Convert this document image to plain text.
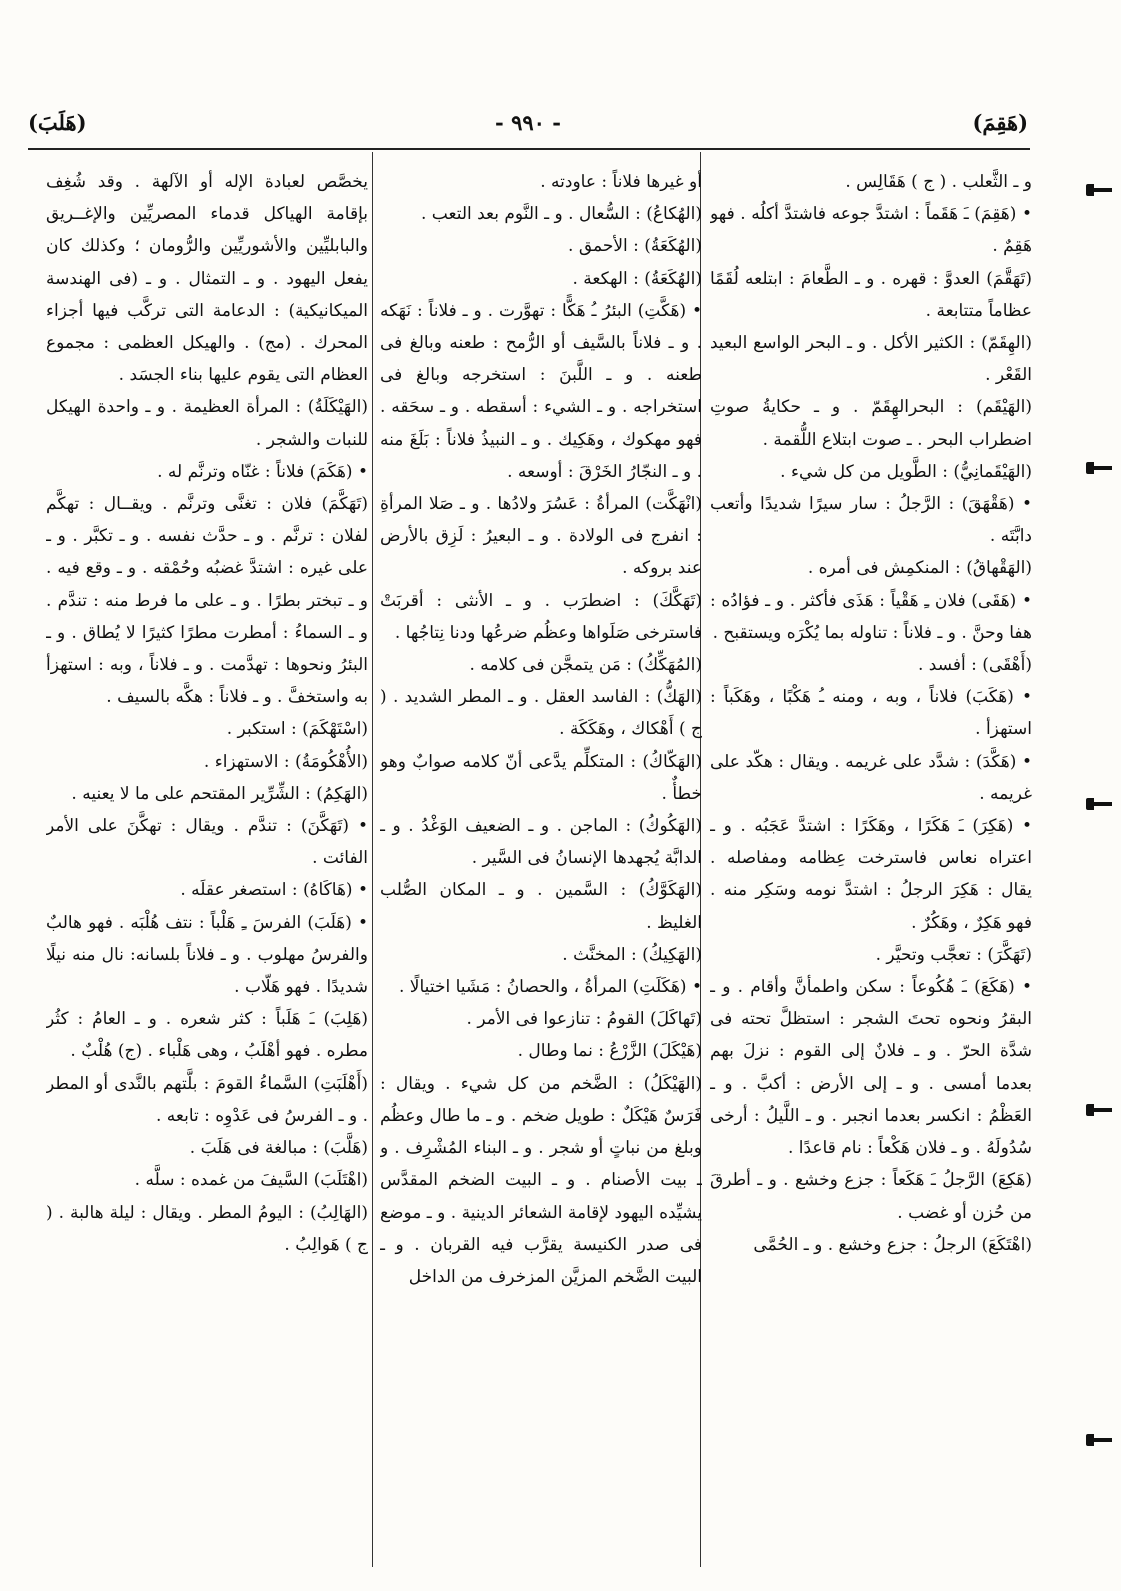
(هَقِمَ)
- ٩٩٠ -
(هَلَبَ)

و ـ الثَّعلب . ( ج ) هَقَالِس .

• (هَقِمَ) ـَ هَقَماً : اشتدَّ جوعه فاشتدَّ أكلُه . فهو هَقِمٌ .

(تَهَقَّمَ) العدوَّ : قهره . و ـ الطَّعامَ : ابتلعه لُقَمًا عظاماً متتابعة .

(الهِقَمّ) : الكثير الأكل . و ـ البحر الواسع البعيد القَعْر .

(الهَيْقَم) : البحرالهِقَمّ . و ـ حكايةُ صوتِ اضطراب البحر . ـ صوت ابتلاع اللُّقمة .

(الهَيْقَمانِيُّ) : الطَّويل من كل شيء .

• (هَقْهَقَ) : الرَّجلُ : سار سيرًا شديدًا وأتعب دابَّتَه .

(الهَقْهاقُ) : المنكمِش فى أمره .

• (هَقَى) فلان ـِ هَقْياً : هَذَى فأكثر . و ـ فؤادُه : هفا وحنَّ . و ـ فلاناً : تناوله بما يُكْرَه ويستقبح .

(أَهْقَى) : أفسد .

• (هَكَبَ) فلاناً ، وبه ، ومنه ـُ هَكْبًا ، وهَكَباً : استهزأ .

• (هَكَّدَ) : شدَّد على غريمه . ويقال : هكّد على غريمه .

• (هَكِرَ) ـَ هَكَرًا ، وهَكَرًا : اشتدَّ عَجَبُه . و ـ اعتراه نعاس فاسترخت عِظامه ومفاصله . يقال : هَكِرَ الرجلُ : اشتدَّ نومه وسَكِر منه . فهو هَكِرٌ ، وهَكُرٌ .

(تَهَكَّرَ) : تعجَّب وتحيَّر .

• (هَكَعَ) ـَ هُكُوعاً : سكن واطمأنَّ وأقام . و ـ البقرُ ونحوه تحتَ الشجر : استظلَّ تحته فى شدَّة الحرّ . و ـ فلانٌ إلى القوم : نزلَ بهم بعدما أمسى . و ـ إلى الأرض : أكبَّ . و ـ العَظْمُ : انكسر بعدما انجبر . و ـ اللَّيلُ : أرخى سُدُولَهُ . و ـ فلان هَكْعاً : نام قاعدًا .

(هَكِعَ) الرَّجلُ ـَ هَكَعاً : جزع وخشع . و ـ أطرقَ من حُزن أو غضب .

(اهْتَكَعَ) الرجلُ : جزع وخشع . و ـ الحُمَّى

أو غيرها فلاناً : عاودته .

(الهُكاعُ) : السُّعال . و ـ النَّوم بعد التعب .

(الهُكَعَةُ) : الأحمق .

(الهُكَعَةُ) : الهكعة .

• (هَكَّتِ) البئرُ ـُ هَكًّا : تهوَّرت . و ـ فلاناً : نَهَكه . و ـ فلاناً بالسَّيف أو الرُّمح : طعنه وبالغ فى طعنه . و ـ اللَّبنَ : استخرجه وبالغ فى استخراجه . و ـ الشيء : أسقطه . و ـ سحَقه . فهو مهكوك ، وهَكِيك . و ـ النبيذُ فلاناً : بَلَغَ منه . و ـ النجّارُ الخَرْقَ : أوسعه .

(انْهَكَّت) المرأةُ : عَسُرَ ولادُها . و ـ صَلا المرأةِ : انفرج فى الولادة . و ـ البعيرُ : لَزِق بالأرض عند بروكه .

(تَهَكَّكَ) : اضطرَب . و ـ الأنثى : أقربَتْ فاسترخى صَلَواها وعظُم ضرعُها ودنا نِتاجُها .

(المُهَكِّكُ) : مَن يتمجَّن فى كلامه .

(الهَكُّ) : الفاسد العقل . و ـ المطر الشديد . ( ج ) أَهْكاك ، وهَكَكَة .

(الهَكّاكُ) : المتكلِّم يدَّعى أنّ كلامه صوابٌ وهو خطأٌ .

(الهَكُوكُ) : الماجن . و ـ الضعيف الوَغْدُ . و ـ الدابَّة يُجهدها الإنسانُ فى السَّير .

(الهَكَوَّكُ) : السَّمين . و ـ المكان الصُّلب الغليظ .

(الهَكِيكُ) : المخنَّث .

• (هَكَلَتِ) المرأةُ ، والحصانُ : مَشَيا اختيالًا .

(تَهاكَلَ) القومُ : تنازعوا فى الأمر .

(هَيْكَلَ) الزَّرْعُ : نما وطال .

(الهَيْكَلُ) : الضَّخم من كل شيء . ويقال : فَرَسٌ هَيْكَلٌ : طويل ضخم . و ـ ما طال وعظُم وبلغ من نباتٍ أو شجر . و ـ البناء المُشْرِف . و ـ بيت الأصنام . و ـ البيت الضخم المقدَّس يشيِّده اليهود لإقامة الشعائر الدينية . و ـ موضع فى صدر الكنيسة يقرَّب فيه القربان . و ـ البيت الضَّخم المزيَّن المزخرف من الداخل

يخصَّص لعبادة الإله أو الآلهة . وقد شُغِف بإقامة الهياكل قدماء المصريِّين والإغــريق والبابليِّين والأشوريِّين والرُّومان ؛ وكذلك كان يفعل اليهود . و ـ التمثال . و ـ (فى الهندسة الميكانيكية) : الدعامة التى تركَّب فيها أجزاء المحرك . (مج) . والهيكل العظمى : مجموع العظام التى يقوم عليها بناء الجسَد .

(الهَيْكَلَةُ) : المرأة العظيمة . و ـ واحدة الهيكل للنبات والشجر .

• (هَكَمَ) فلاناً : غنّاه وترنَّم له .

(تَهَكَّمَ) فلان : تغنَّى وترنَّم . ويقــال : تهكَّم لفلان : ترنَّم . و ـ حدَّث نفسه . و ـ تكبَّر . و ـ على غيره : اشتدَّ غضبُه وحُمْقه . و ـ وقع فيه . و ـ تبختر بطرًا . و ـ على ما فرط منه : تندَّم . و ـ السماءُ : أمطرت مطرًا كثيرًا لا يُطاق . و ـ البئرُ ونحوها : تهدَّمت . و ـ فلاناً ، وبه : استهزأ به واستخفَّ . و ـ فلاناً : هكَّه بالسيف .

(اسْتَهْكَمَ) : استكبر .

(الأُهْكُومَةُ) : الاستهزاء .

(الهَكِمُ) : الشِّرِّير المقتحم على ما لا يعنيه .

• (تَهَكَّنَ) : تندَّم . ويقال : تهكَّنَ على الأمر الفائت .

• (هَاكَاهُ) : استصغر عقلَه .

• (هَلَبَ) الفرسَ ـِ هَلْباً : نتف هُلْبَه . فهو هالبٌ والفرسُ مهلوب . و ـ فلاناً بلسانه: نال منه نيلًا شديدًا . فهو هَلّاب .

(هَلِبَ) ـَ هَلَباً : كثر شعره . و ـ العامُ : كثُر مطره . فهو أهْلَبُ ، وهى هَلْباء . (ج) هُلْبٌ .

(أَهْلَبَتِ) السَّماءُ القومَ : بلَّتهم بالنَّدى أو المطر . و ـ الفرسُ فى عَدْوِه : تابعه .

(هَلَّبَ) : مبالغة فى هَلَبَ .

(اهْتَلَبَ) السَّيفَ من غمده : سلَّه .

(الهَالِبُ) : اليومُ المطر . ويقال : ليلة هالبة . ( ج ) هَوالِبُ .
